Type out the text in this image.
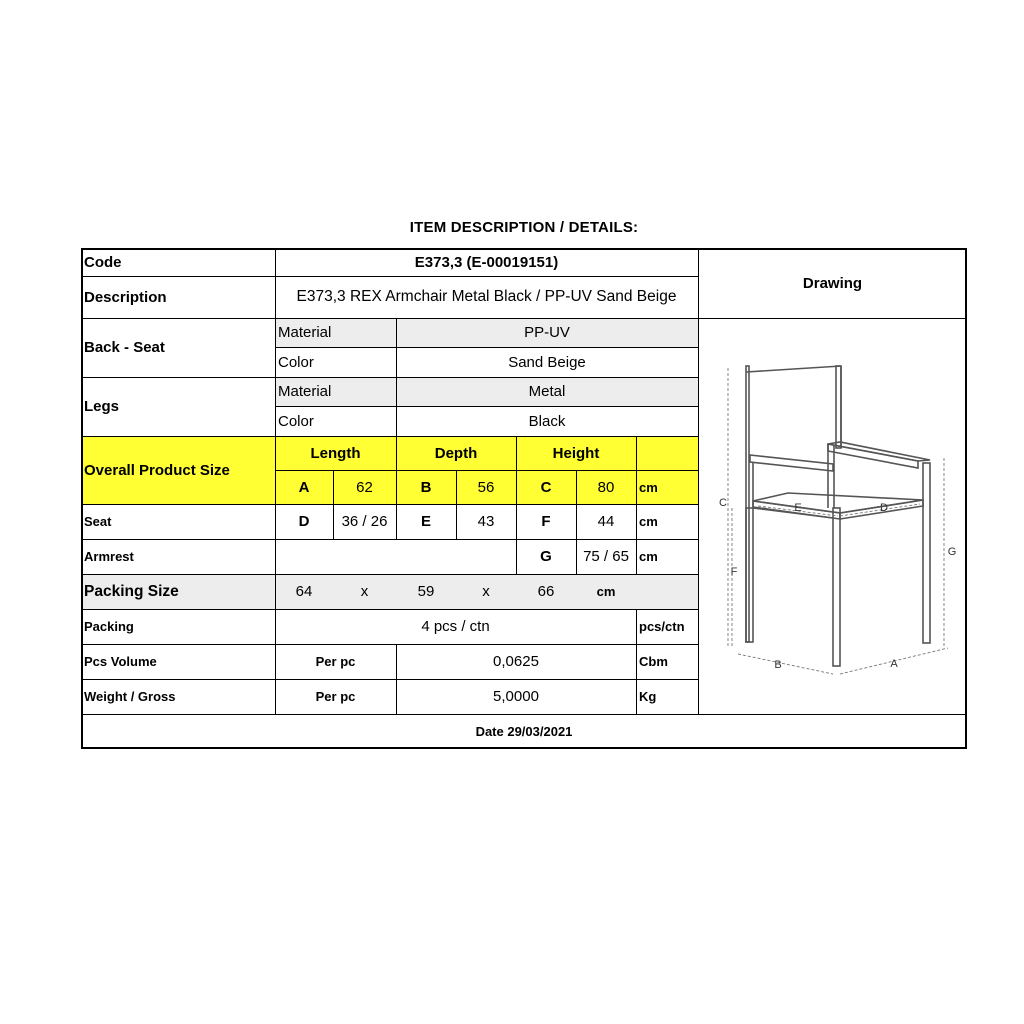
ITEM DESCRIPTION / DETAILS:
Code	E373,3 (E-00019151)
Description	E373,3 REX Armchair Metal Black / PP-UV Sand Beige
Drawing
Back - Seat
Material	PP-UV
Color	Sand Beige
Legs
Material	Metal
Color	Black
Overall Product Size
Length	Depth	Height
A	62	B	56	C	80	cm
Seat	D	36 / 26	E	43	F	44	cm
Armrest	G	75 / 65 cm
Packing Size	64	x	59	x	66	cm
Packing	4 pcs / ctn	pcs/ctn
Pcs Volume	Per pc	0,0625	Cbm
Weight / Gross	Per pc	5,0000	Kg
Date 29/03/2021
C
F
G
E	D
B	A
